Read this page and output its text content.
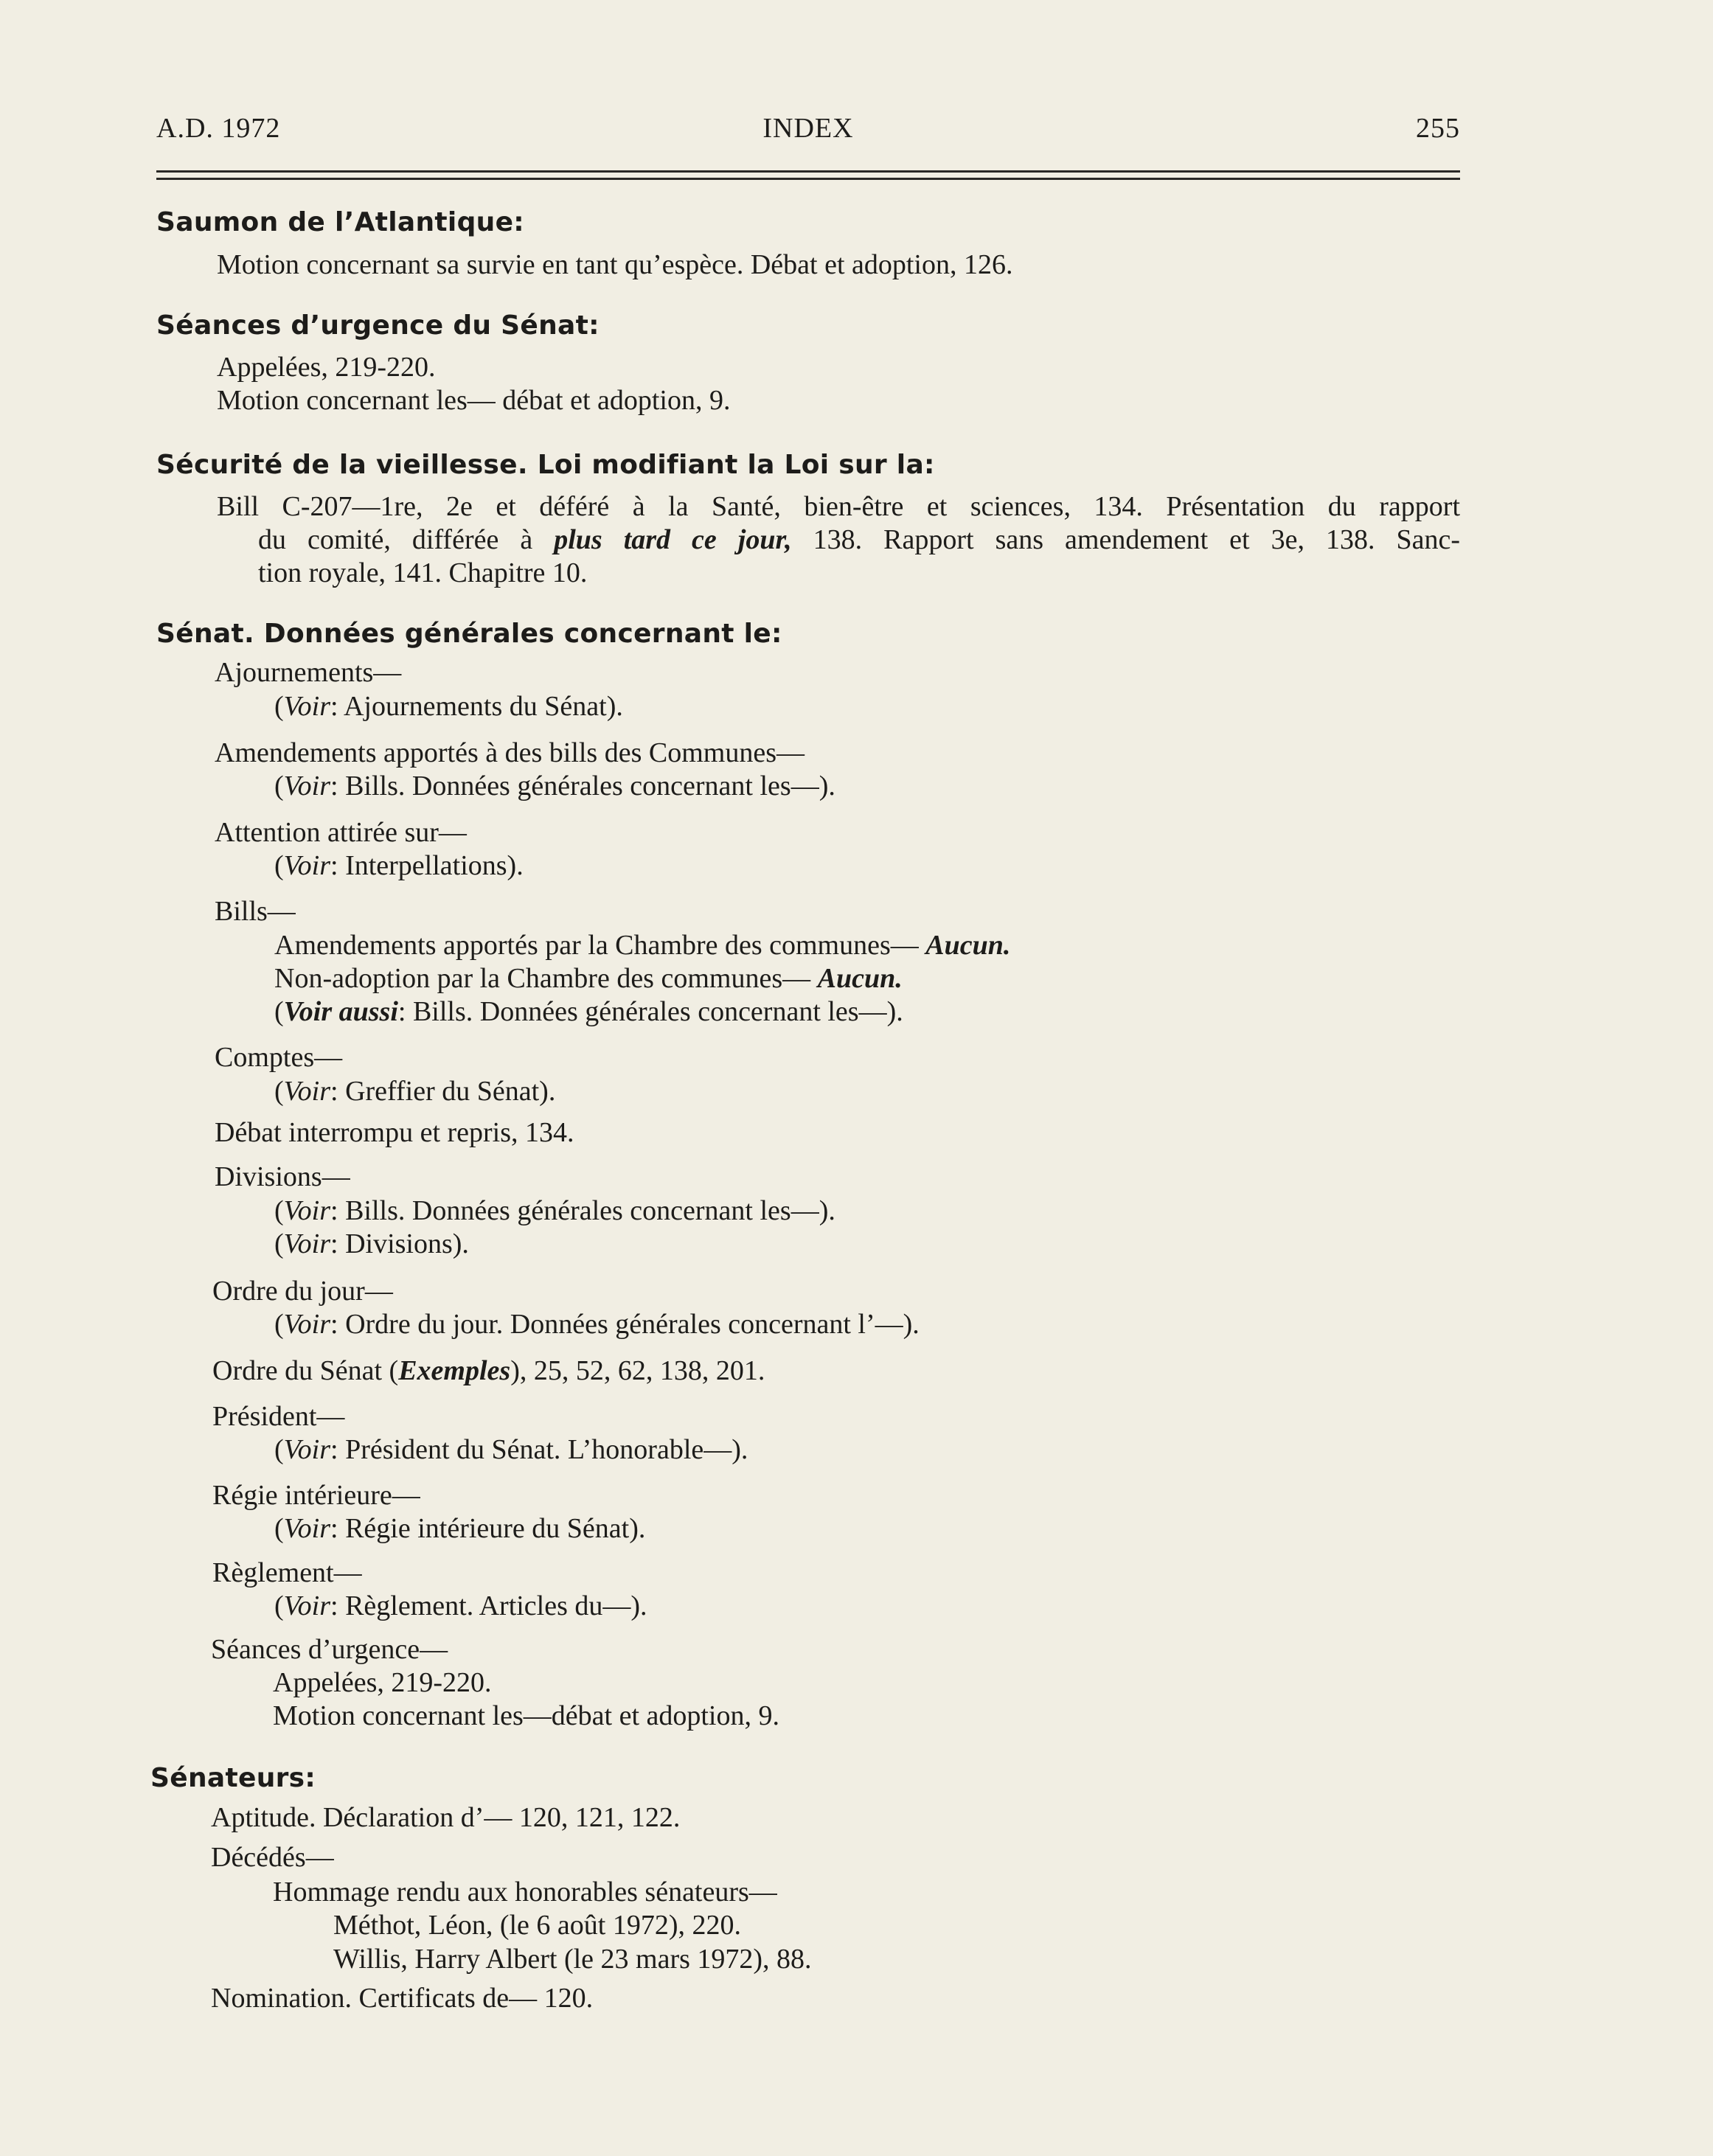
A.D. 1972	INDEX	255
Saumon de l’Atlantique:
Motion concernant sa survie en tant qu’espèce. Débat et adoption, 126.
Séances d’urgence du Sénat:
Appelées, 219-220.
Motion concernant les— débat et adoption, 9.
Sécurité de la vieillesse. Loi modifiant la Loi sur la:
Bill C-207—1re, 2e et déféré à la Santé, bien-être et sciences, 134. Présentation du rapport
du comité, différée à plus tard ce jour, 138. Rapport sans amendement et 3e, 138. Sanc-
tion royale, 141. Chapitre 10.
Sénat. Données générales concernant le:
Ajournements—
(Voir: Ajournements du Sénat).
Amendements apportés à des bills des Communes—
(Voir: Bills. Données générales concernant les—).
Attention attirée sur—
(Voir: Interpellations).
Bills—
Amendements apportés par la Chambre des communes— Aucun.
Non-adoption par la Chambre des communes— Aucun.
(Voir aussi: Bills. Données générales concernant les—).
Comptes—
(Voir: Greffier du Sénat).
Débat interrompu et repris, 134.
Divisions—
(Voir: Bills. Données générales concernant les—).
(Voir: Divisions).
Ordre du jour—
(Voir: Ordre du jour. Données générales concernant l’—).
Ordre du Sénat (Exemples), 25, 52, 62, 138, 201.
Président—
(Voir: Président du Sénat. L’honorable—).
Régie intérieure—
(Voir: Régie intérieure du Sénat).
Règlement—
(Voir: Règlement. Articles du—).
Séances d’urgence—
Appelées, 219-220.
Motion concernant les—débat et adoption, 9.
Sénateurs:
Aptitude. Déclaration d’— 120, 121, 122.
Décédés—
Hommage rendu aux honorables sénateurs—
Méthot, Léon, (le 6 août 1972), 220.
Willis, Harry Albert (le 23 mars 1972), 88.
Nomination. Certificats de— 120.
